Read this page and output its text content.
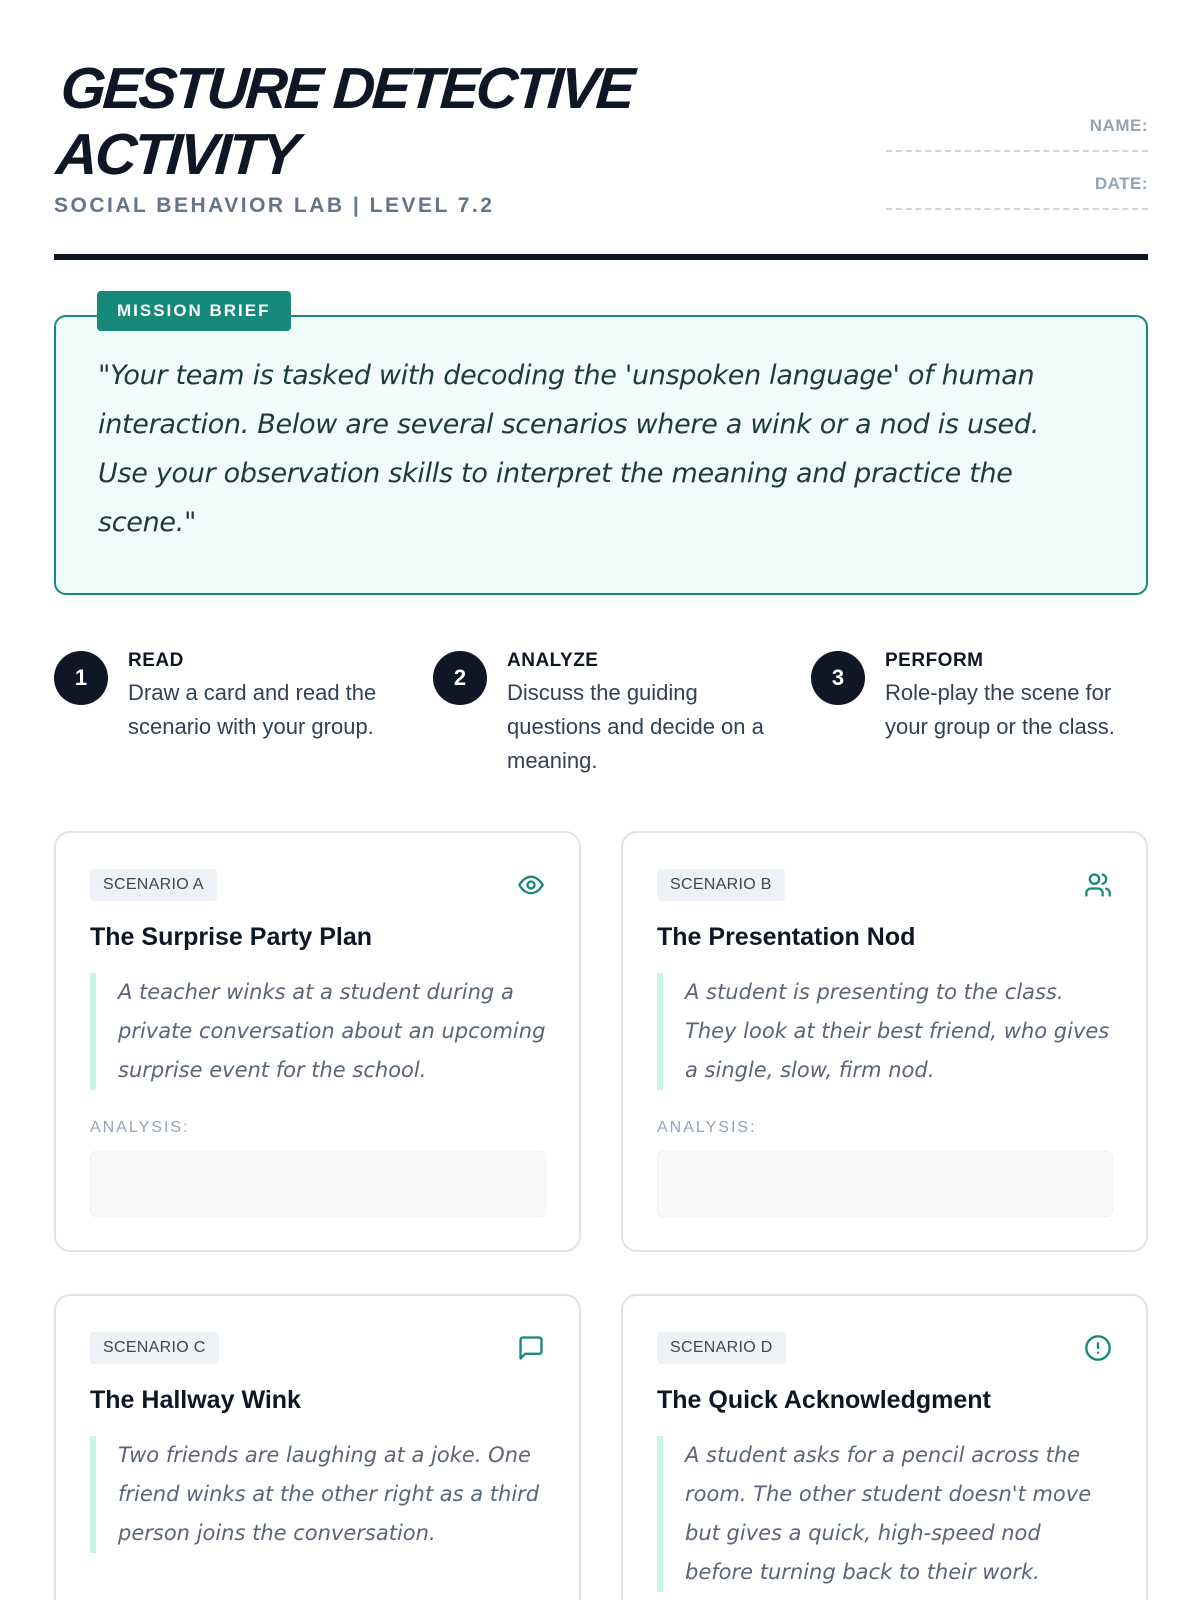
GESTURE DETECTIVE ACTIVITY
SOCIAL BEHAVIOR LAB | LEVEL 7.2
NAME:
DATE:

"Your team is tasked with decoding the 'unspoken language' of human interaction. Below are several scenarios where a wink or a nod is used. Use your observation skills to interpret the meaning and practice the scene."

MISSION BRIEF
1
READ
Draw a card and read the scenario with your group.
2
ANALYZE
Discuss the guiding questions and decide on a meaning.
3
PERFORM
Role-play the scene for your group or the class.
SCENARIO A
The Surprise Party Plan
A teacher winks at a student during a private conversation about an upcoming surprise event for the school.
ANALYSIS:
SCENARIO B
The Presentation Nod
A student is presenting to the class. They look at their best friend, who gives a single, slow, firm nod.
ANALYSIS:
SCENARIO C
The Hallway Wink
Two friends are laughing at a joke. One friend winks at the other right as a third person joins the conversation.
SCENARIO D
The Quick Acknowledgment
A student asks for a pencil across the room. The other student doesn't move but gives a quick, high-speed nod before turning back to their work.
